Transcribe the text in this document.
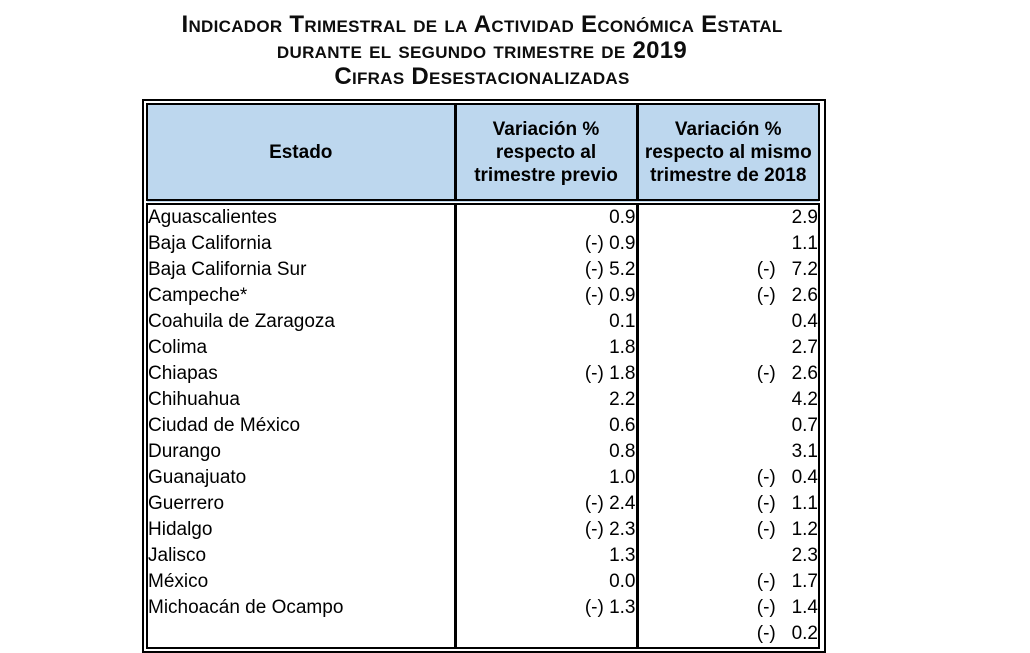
Indicador Trimestral de la Actividad Económica Estatal
durante el segundo trimestre de 2019
Cifras Desestacionalizadas
Estado	Variación % respecto al trimestre previo	Variación % respecto al mismo trimestre de 2018
Aguascalientes	0.9	2.9
Baja California	(-) 0.9	1.1
Baja California Sur	(-) 5.2	(-)   7.2
Campeche*	(-) 0.9	(-)   2.6
Coahuila de Zaragoza	0.1	0.4
Colima	1.8	2.7
Chiapas	(-) 1.8	(-)   2.6
Chihuahua	2.2	4.2
Ciudad de México	0.6	0.7
Durango	0.8	3.1
Guanajuato	1.0	(-)   0.4
Guerrero	(-) 2.4	(-)   1.1
Hidalgo	(-) 2.3	(-)   1.2
Jalisco	1.3	2.3
México	0.0	(-)   1.7
Michoacán de Ocampo	(-) 1.3	(-)   1.4
		(-)   0.2
